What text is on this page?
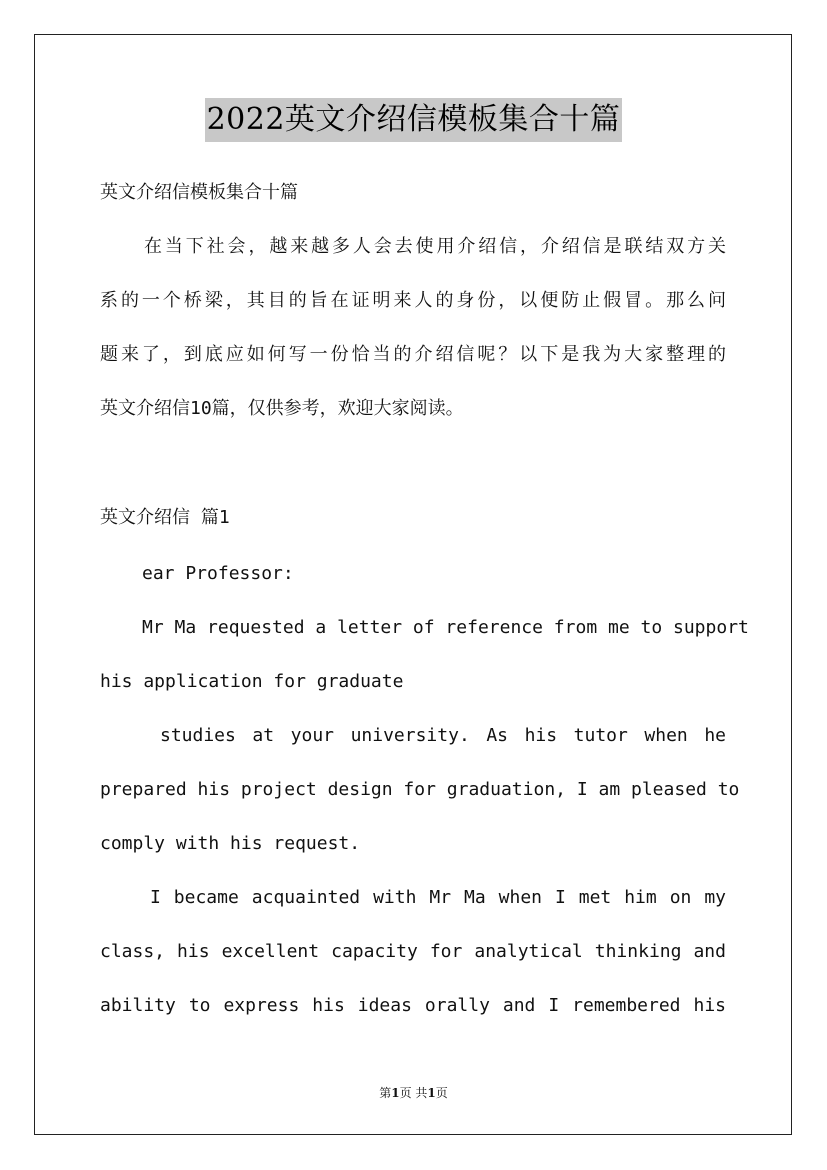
2022英文介绍信模板集合十篇
英文介绍信模板集合十篇
在当下社会，越来越多人会去使用介绍信，介绍信是联结双方关
系的一个桥梁，其目的旨在证明来人的身份，以便防止假冒。那么问
题来了，到底应如何写一份恰当的介绍信呢？以下是我为大家整理的
英文介绍信10篇，仅供参考，欢迎大家阅读。
英文介绍信 篇1
ear Professor:
Mr Ma requested a letter of reference from me to support
his application for graduate
studies at your university. As his tutor when he
prepared his project design for graduation, I am pleased to
comply with his request.
I became acquainted with Mr Ma when I met him on my
class, his excellent capacity for analytical thinking and
ability to express his ideas orally and I remembered his
第1页 共1页
